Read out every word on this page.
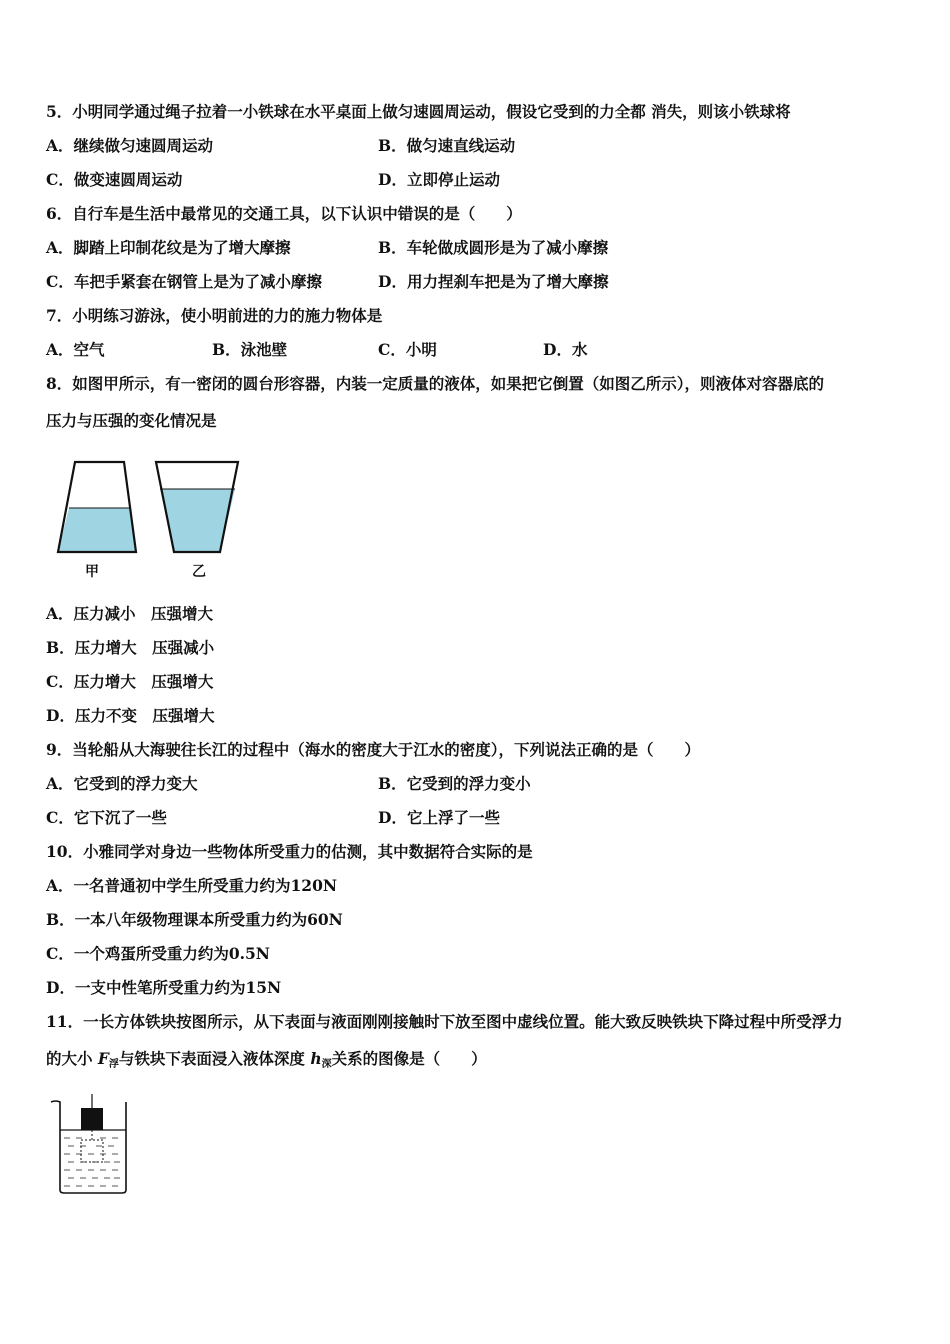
5．小明同学通过绳子拉着一小铁球在水平桌面上做匀速圆周运动，假设它受到的力全都 消失，则该小铁球将
A．继续做匀速圆周运动	B．做匀速直线运动
C．做变速圆周运动	D．立即停止运动
6．自行车是生活中最常见的交通工具，以下认识中错误的是（　　）
A．脚踏上印制花纹是为了增大摩擦	B．车轮做成圆形是为了减小摩擦
C．车把手紧套在钢管上是为了减小摩擦	D．用力捏刹车把是为了增大摩擦
7．小明练习游泳，使小明前进的力的施力物体是
A．空气	B．泳池壁	C．小明	D．水
8．如图甲所示，有一密闭的圆台形容器，内装一定质量的液体，如果把它倒置（如图乙所示），则液体对容器底的
压力与压强的变化情况是
甲	乙
A．压力减小　压强增大
B．压力增大　压强减小
C．压力增大　压强增大
D．压力不变　压强增大
9．当轮船从大海驶往长江的过程中（海水的密度大于江水的密度），下列说法正确的是（　　）
A．它受到的浮力变大	B．它受到的浮力变小
C．它下沉了一些	D．它上浮了一些
10．小雅同学对身边一些物体所受重力的估测，其中数据符合实际的是
A．一名普通初中学生所受重力约为120N
B．一本八年级物理课本所受重力约为60N
C．一个鸡蛋所受重力约为0.5N
D．一支中性笔所受重力约为15N
11．一长方体铁块按图所示，从下表面与液面刚刚接触时下放至图中虚线位置。能大致反映铁块下降过程中所受浮力
的大小 $F_浮$与铁块下表面浸入液体深度 $h_深$关系的图像是（　　）
